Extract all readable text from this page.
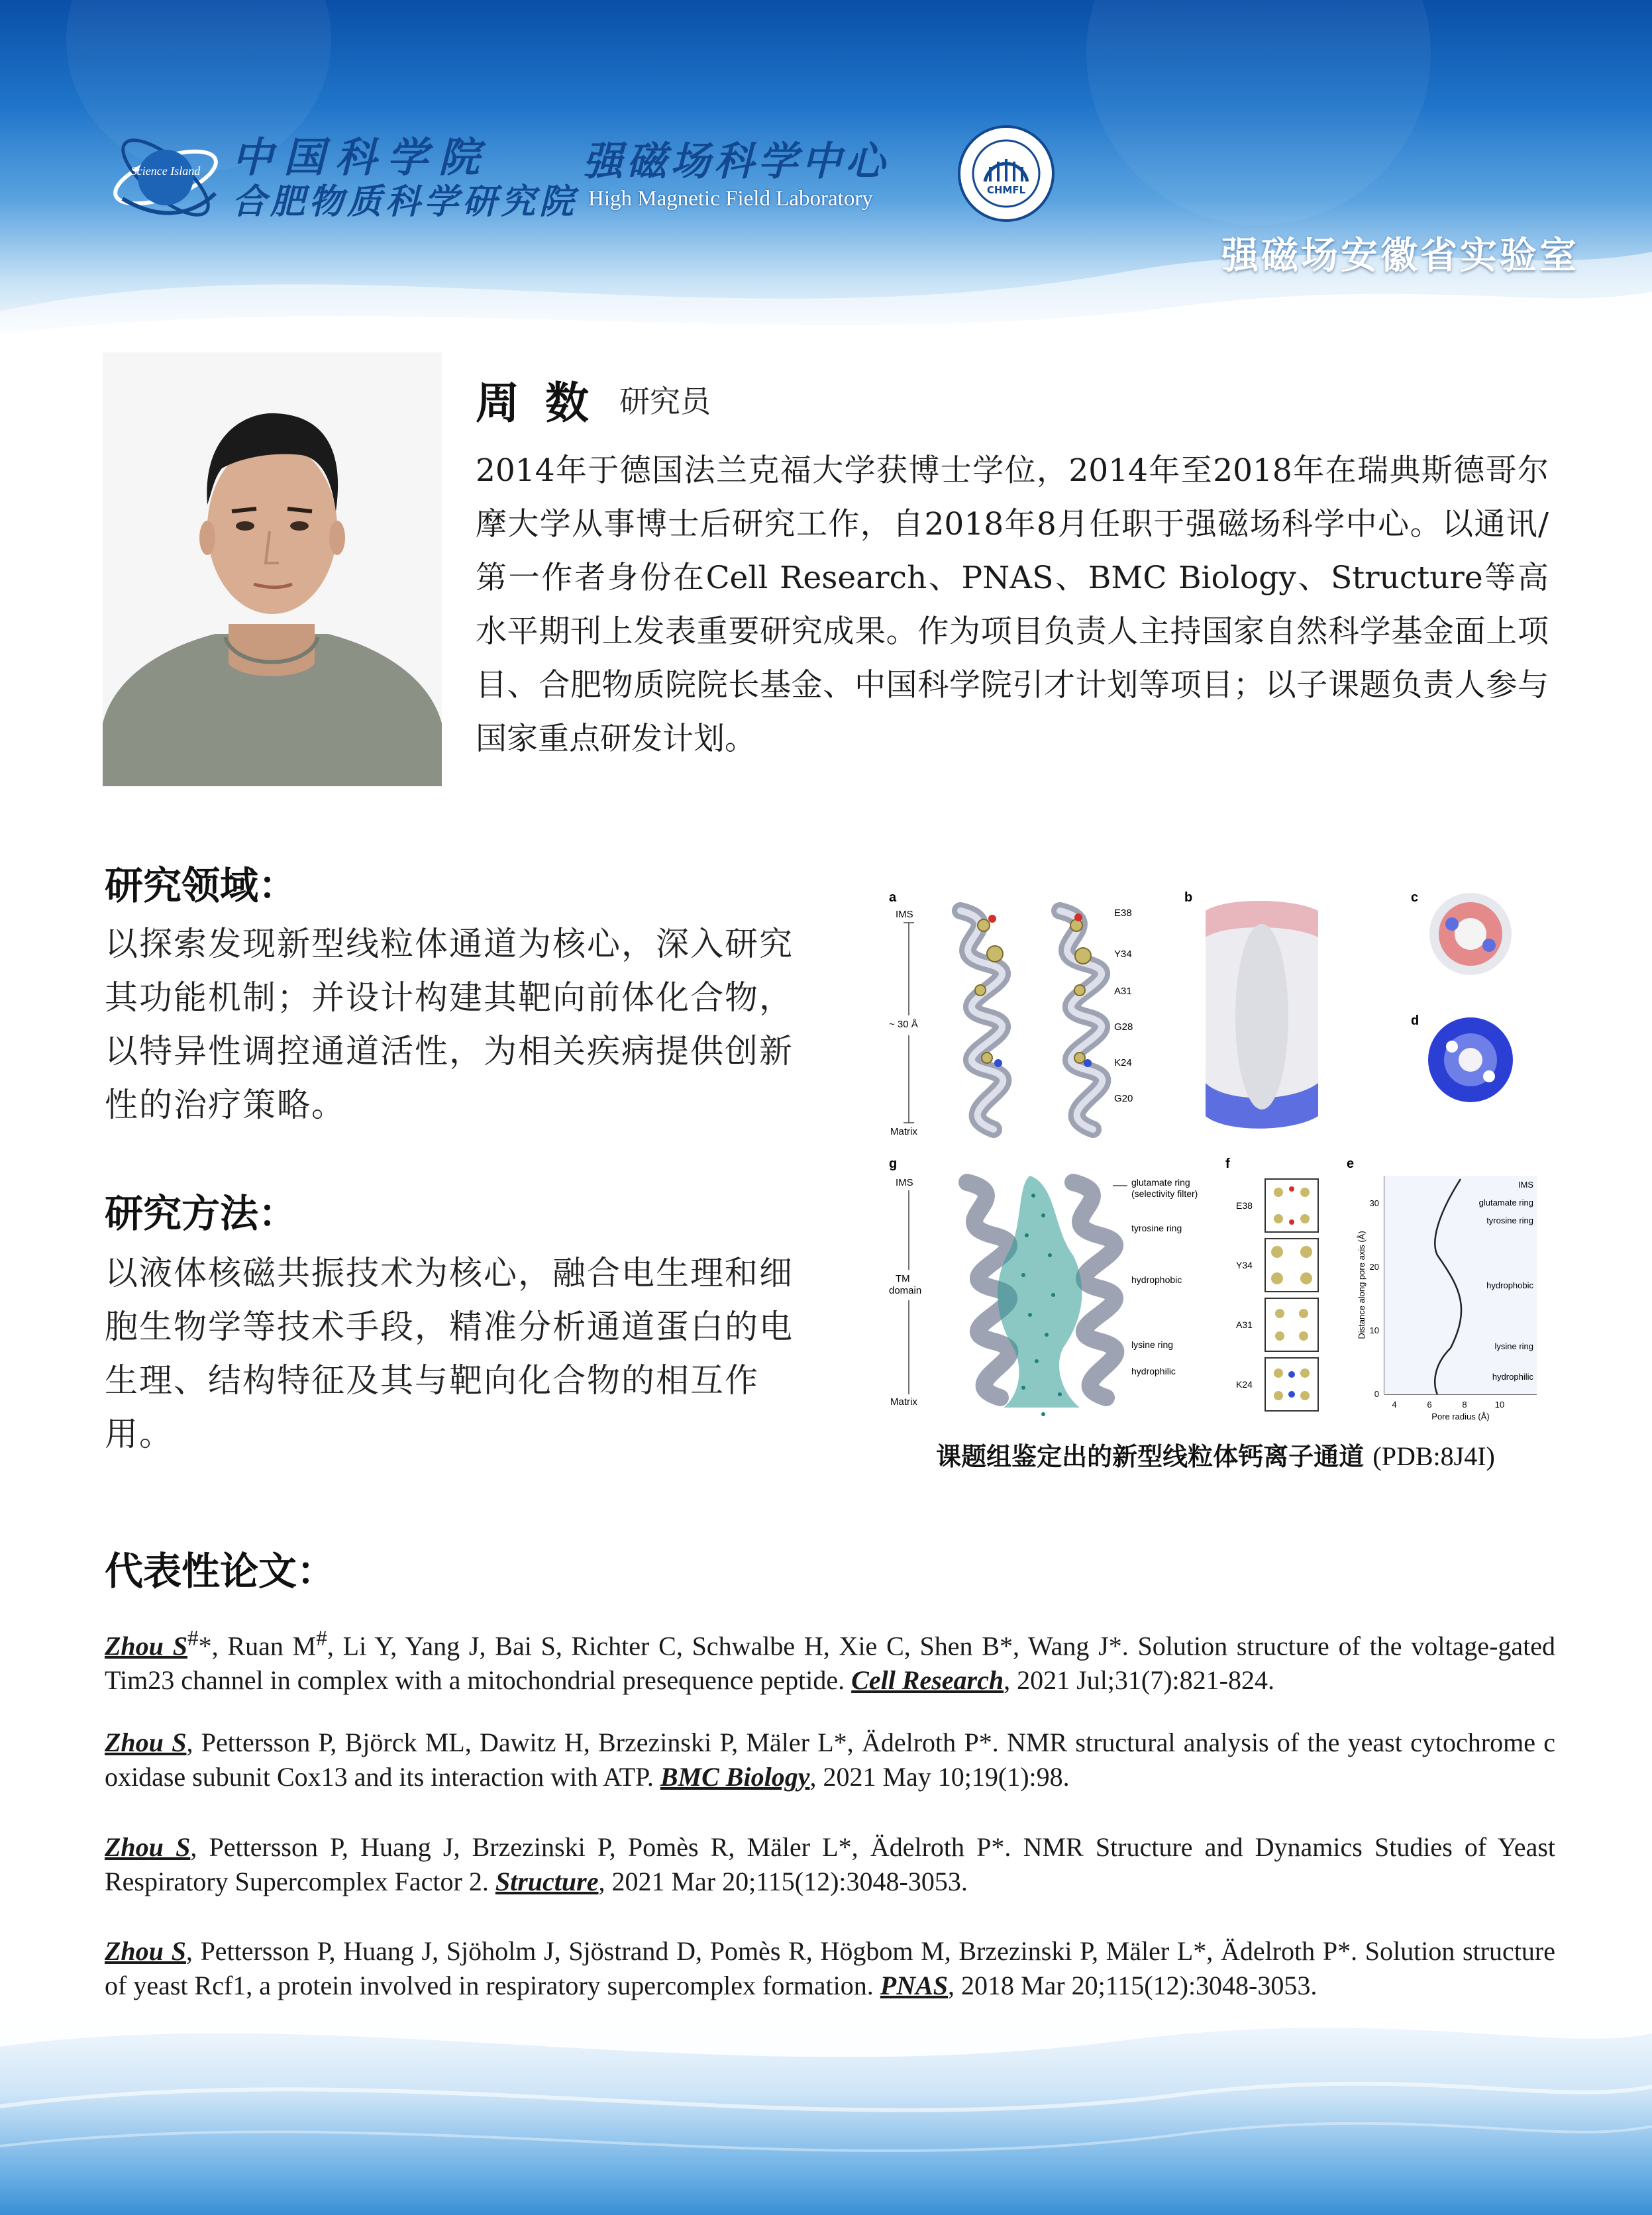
Science Island 中国科学院
合肥物质科学研究院
强磁场科学中心
High Magnetic Field Laboratory	CHMFL
强磁场安徽省实验室
周 数 研究员
2014年于德国法兰克福大学获博士学位，2014年至2018年在瑞典斯德哥尔摩大学从事博士后研究工作，自2018年8月任职于强磁场科学中心。以通讯/第一作者身份在Cell Research、PNAS、BMC Biology、Structure等高水平期刊上发表重要研究成果。作为项目负责人主持国家自然科学基金面上项目、合肥物质院院长基金、中国科学院引才计划等项目；以子课题负责人参与国家重点研发计划。
研究领域：
以探索发现新型线粒体通道为核心，深入研究其功能机制；并设计构建其靶向前体化合物，以特异性调控通道活性，为相关疾病提供创新性的治疗策略。
研究方法：
以液体核磁共振技术为核心，融合电生理和细胞生物学等技术手段，精准分析通道蛋白的电生理、结构特征及其与靶向化合物的相互作用。
a	b	c
d
g	f	e
IMS
Matrix
~ 30 Å
E38
Y34
A31
G28
K24
G20
IMS
TM
domain
Matrix
glutamate ring
(selectivity filter)
tyrosine ring
hydrophobic
lysine ring
hydrophilic
E38
Y34
A31
K24
0
10
20
30
4	6	8	10
Pore radius (Å)
Distance along pore axis (Å)
IMS
glutamate ring
tyrosine ring
hydrophobic
lysine ring
hydrophilic
课题组鉴定出的新型线粒体钙离子通道 (PDB:8J4I)
代表性论文：
Zhou S#*, Ruan M#, Li Y, Yang J, Bai S, Richter C, Schwalbe H, Xie C, Shen B*, Wang J*. Solution structure of the voltage-gated Tim23 channel in complex with a mitochondrial presequence peptide. Cell Research, 2021 Jul;31(7):821-824.
Zhou S, Pettersson P, Björck ML, Dawitz H, Brzezinski P, Mäler L*, Ädelroth P*. NMR structural analysis of the yeast cytochrome c oxidase subunit Cox13 and its interaction with ATP. BMC Biology, 2021 May 10;19(1):98.
Zhou S, Pettersson P, Huang J, Brzezinski P, Pomès R, Mäler L*, Ädelroth P*. NMR Structure and Dynamics Studies of Yeast Respiratory Supercomplex Factor 2. Structure, 2021 Mar 20;115(12):3048-3053.
Zhou S, Pettersson P, Huang J, Sjöholm J, Sjöstrand D, Pomès R, Högbom M, Brzezinski P, Mäler L*, Ädelroth P*. Solution structure of yeast Rcf1, a protein involved in respiratory supercomplex formation. PNAS, 2018 Mar 20;115(12):3048-3053.
